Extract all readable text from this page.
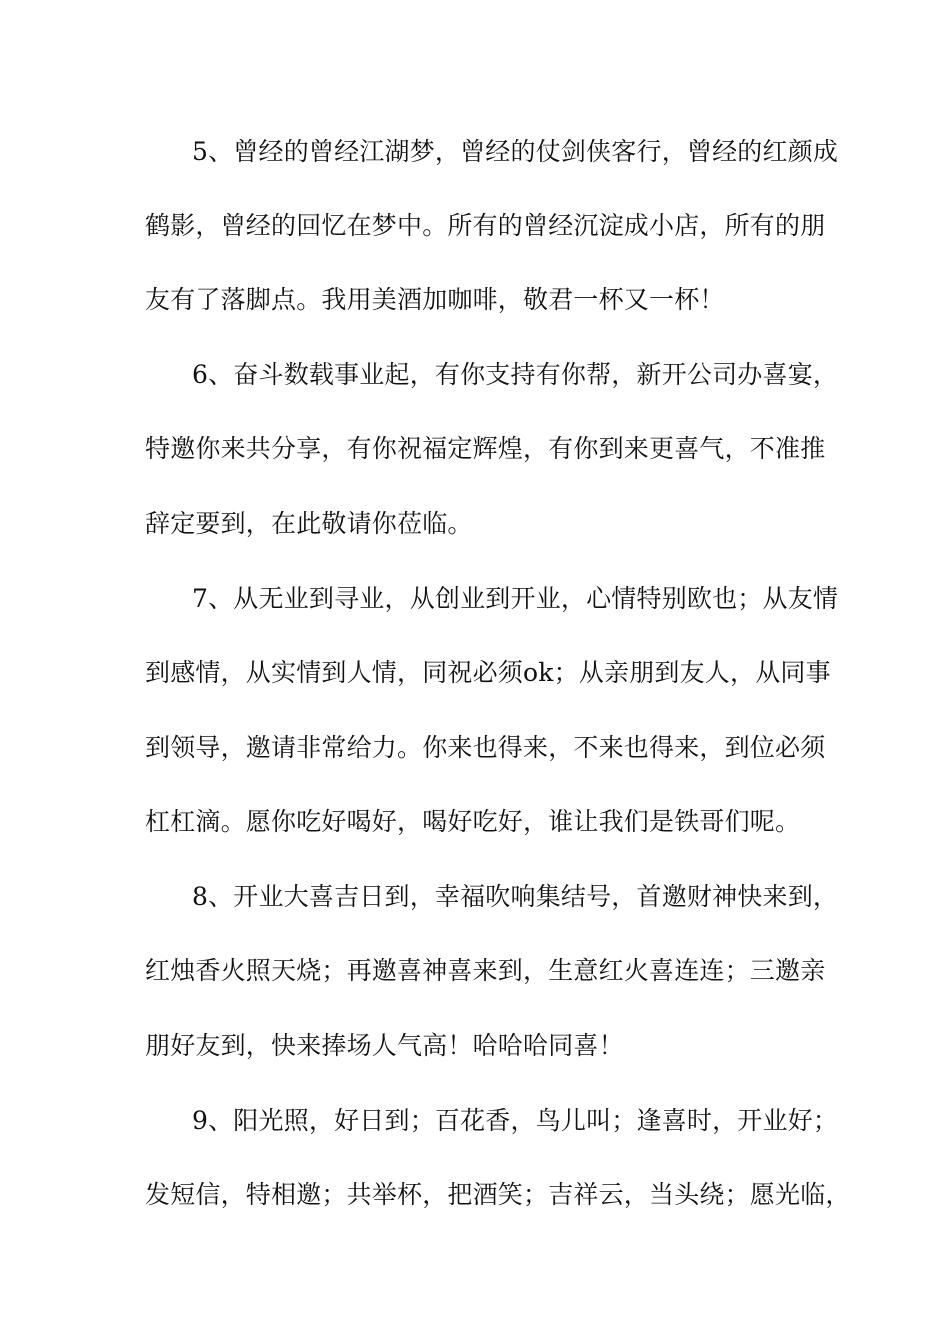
5、曾经的曾经江湖梦，曾经的仗剑侠客行，曾经的红颜成
鹤影，曾经的回忆在梦中。所有的曾经沉淀成小店，所有的朋
友有了落脚点。我用美酒加咖啡，敬君一杯又一杯！
6、奋斗数载事业起，有你支持有你帮，新开公司办喜宴，
特邀你来共分享，有你祝福定辉煌，有你到来更喜气，不准推
辞定要到，在此敬请你莅临。
7、从无业到寻业，从创业到开业，心情特别欧也；从友情
到感情，从实情到人情，同祝必须ok；从亲朋到友人，从同事
到领导，邀请非常给力。你来也得来，不来也得来，到位必须
杠杠滴。愿你吃好喝好，喝好吃好，谁让我们是铁哥们呢。
8、开业大喜吉日到，幸福吹响集结号，首邀财神快来到，
红烛香火照天烧；再邀喜神喜来到，生意红火喜连连；三邀亲
朋好友到，快来捧场人气高！哈哈哈同喜！
9、阳光照，好日到；百花香，鸟儿叫；逢喜时，开业好；
发短信，特相邀；共举杯，把酒笑；吉祥云，当头绕；愿光临，
